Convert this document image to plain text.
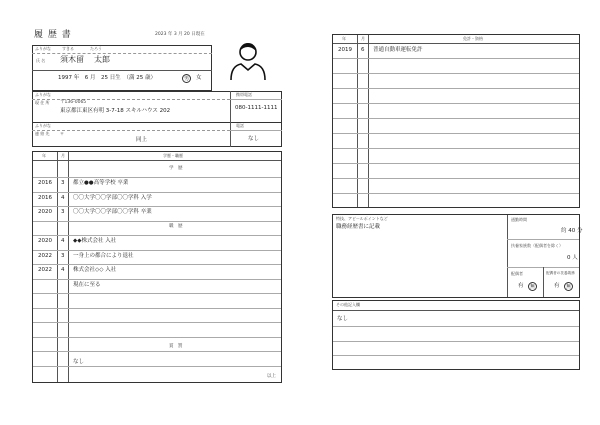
履 歴 書	2023 年 3 月 20 日現在
ふりがな	すきる	たろう
氏 名 須木留 太郎
1997 年　6 月　25 日生　（満 25 歳）	男	女
ふりがな
現 住 所 〒136-0065
東京都江東区有明 3-7-18 スキルハウス 202
携帯電話
080-1111-1111
ふりがな
連 絡 先	〒
同上
電話
なし
年	月	学歴・職歴
学　歴
2016 3 都立●●高等学校 卒業
2016 4 〇〇大学〇〇学部〇〇学科 入学
2020 3 〇〇大学〇〇学部〇〇学科 卒業
職　歴
2020 4 ◆◆株式会社 入社
2022 3 一身上の都合により退社
2022 4 株式会社◇◇ 入社
現在に至る
賞　罰
なし
以上
年	月	免許・資格
2019 6 普通自動車運転免許
特技、アピールポイントなど
職務経歴書に記載
通勤時間
約 40 分
扶養家族数（配偶者を除く）
0 人
配偶者
有	無
配偶者の扶養義務
有	無
その他記入欄
なし
